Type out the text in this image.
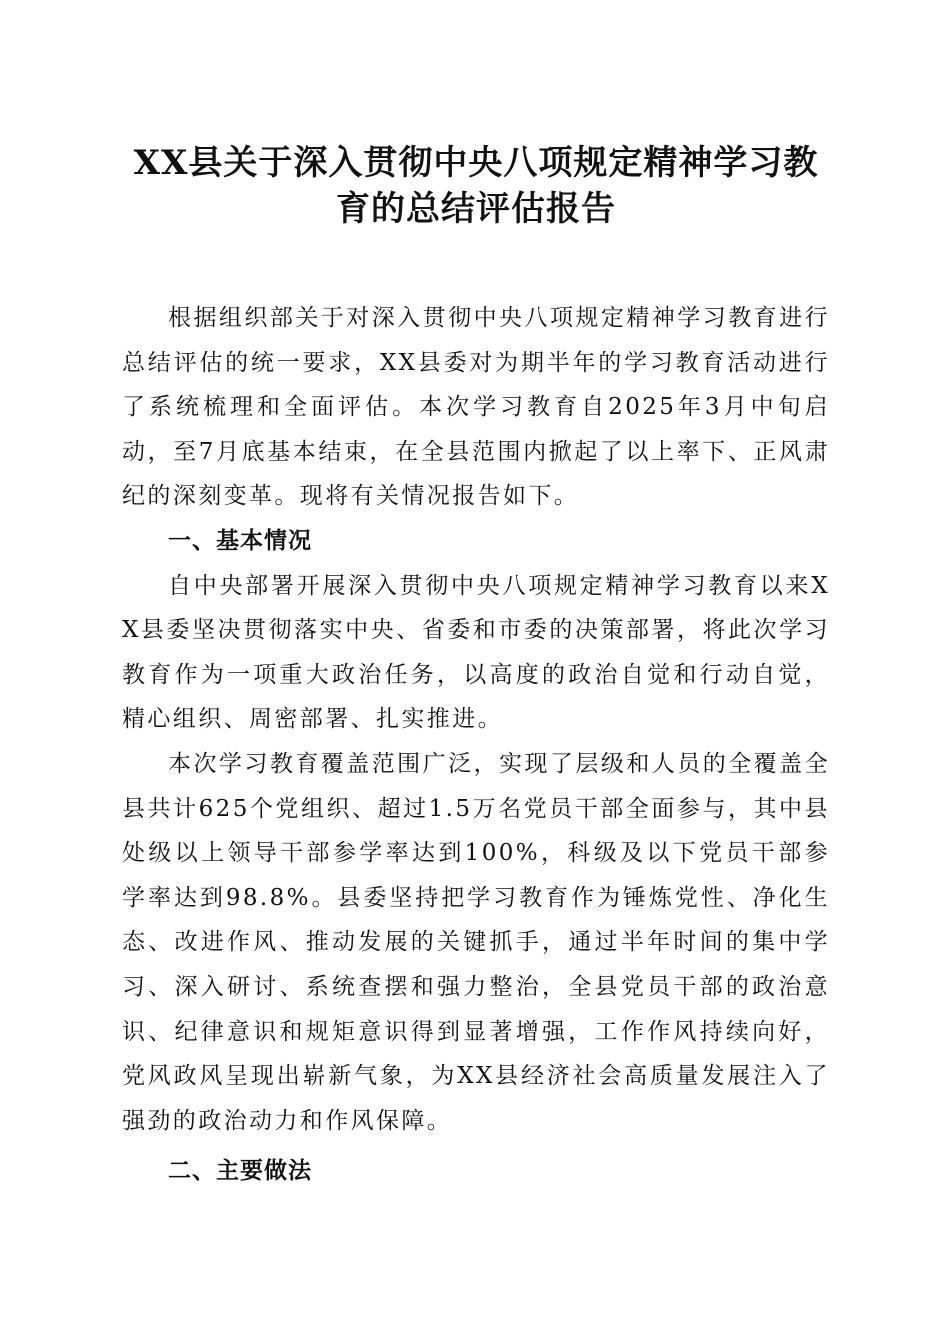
XX县关于深入贯彻中央八项规定精神学习教
育的总结评估报告

根据组织部关于对深入贯彻中央八项规定精神学习教育进行总结评估的统一要求，XX县委对为期半年的学习教育活动进行了系统梳理和全面评估。本次学习教育自2025年3月中旬启动，至7月底基本结束，在全县范围内掀起了以上率下、正风肃纪的深刻变革。现将有关情况报告如下。

一、基本情况

自中央部署开展深入贯彻中央八项规定精神学习教育以来XX县委坚决贯彻落实中央、省委和市委的决策部署，将此次学习教育作为一项重大政治任务，以高度的政治自觉和行动自觉，精心组织、周密部署、扎实推进。

本次学习教育覆盖范围广泛，实现了层级和人员的全覆盖全县共计625个党组织、超过1.5万名党员干部全面参与，其中县处级以上领导干部参学率达到100%，科级及以下党员干部参学率达到98.8%。县委坚持把学习教育作为锤炼党性、净化生态、改进作风、推动发展的关键抓手，通过半年时间的集中学习、深入研讨、系统查摆和强力整治，全县党员干部的政治意识、纪律意识和规矩意识得到显著增强，工作作风持续向好，党风政风呈现出崭新气象，为XX县经济社会高质量发展注入了强劲的政治动力和作风保障。

二、主要做法
